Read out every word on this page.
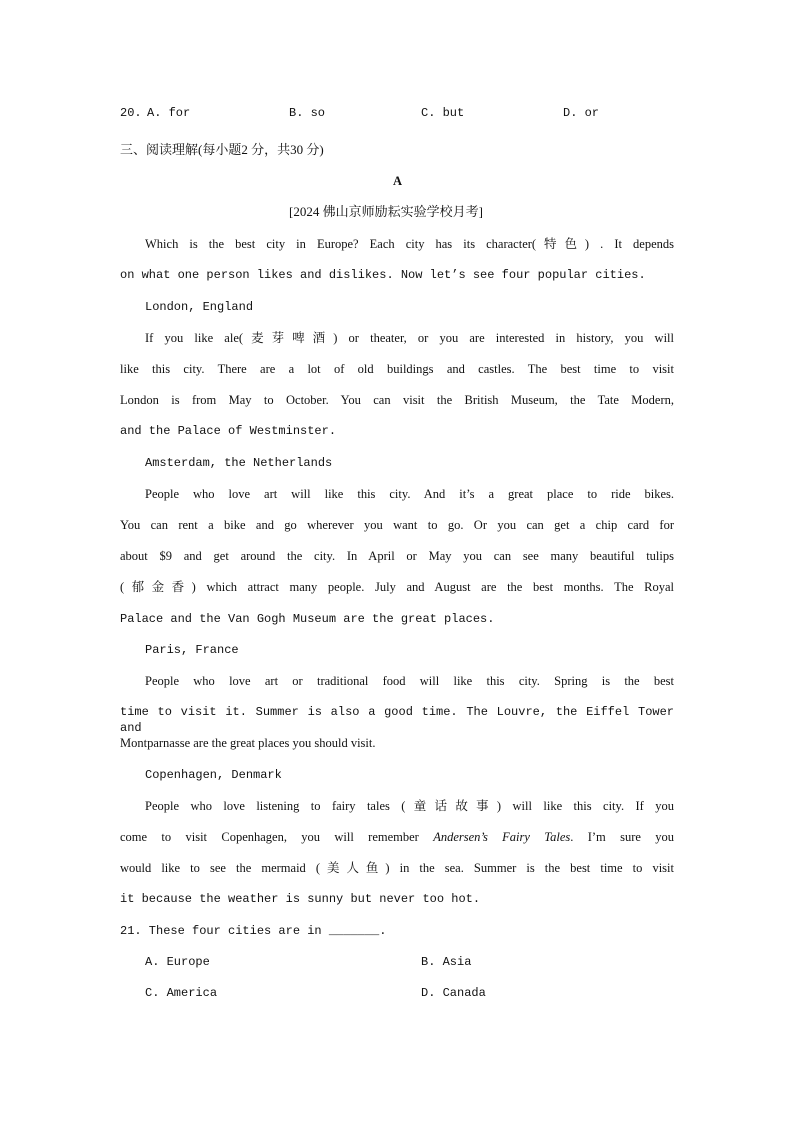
20. A. for	B. so	C. but	D. or
三、阅读理解(每小题2 分，共30 分)
A
[2024 佛山京师励耘实验学校月考]
Which is the best city in Europe? Each city has its character(特色) . It depends
on what one person likes and dislikes. Now let’s see four popular cities.
London, England
If you like ale(麦芽啤酒) or theater, or you are interested in history, you will
like this city. There are a lot of old buildings and castles. The best time to visit
London is from May to October. You can visit the British Museum, the Tate Modern,
and the Palace of Westminster.
Amsterdam, the Netherlands
People who love art will like this city. And it’s a great place to ride bikes.
You can rent a bike and go wherever you want to go. Or you can get a chip card for
about $9 and get around the city. In April or May you can see many beautiful tulips
(郁金香) which attract many people. July and August are the best months. The Royal
Palace and the Van Gogh Museum are the great places.
Paris, France
People who love art or traditional food will like this city. Spring is the best
time to visit it. Summer is also a good time. The Louvre, the Eiffel Tower and
Montparnasse are the great places you should visit.
Copenhagen, Denmark
People who love listening to fairy tales (童话故事) will like this city. If you
come to visit Copenhagen, you will remember Andersen’s Fairy Tales. I’m sure you
would like to see the mermaid (美人鱼) in the sea. Summer is the best time to visit
it because the weather is sunny but never too hot.
21. These four cities are in _______.
A. Europe	B. Asia
C. America	D. Canada
